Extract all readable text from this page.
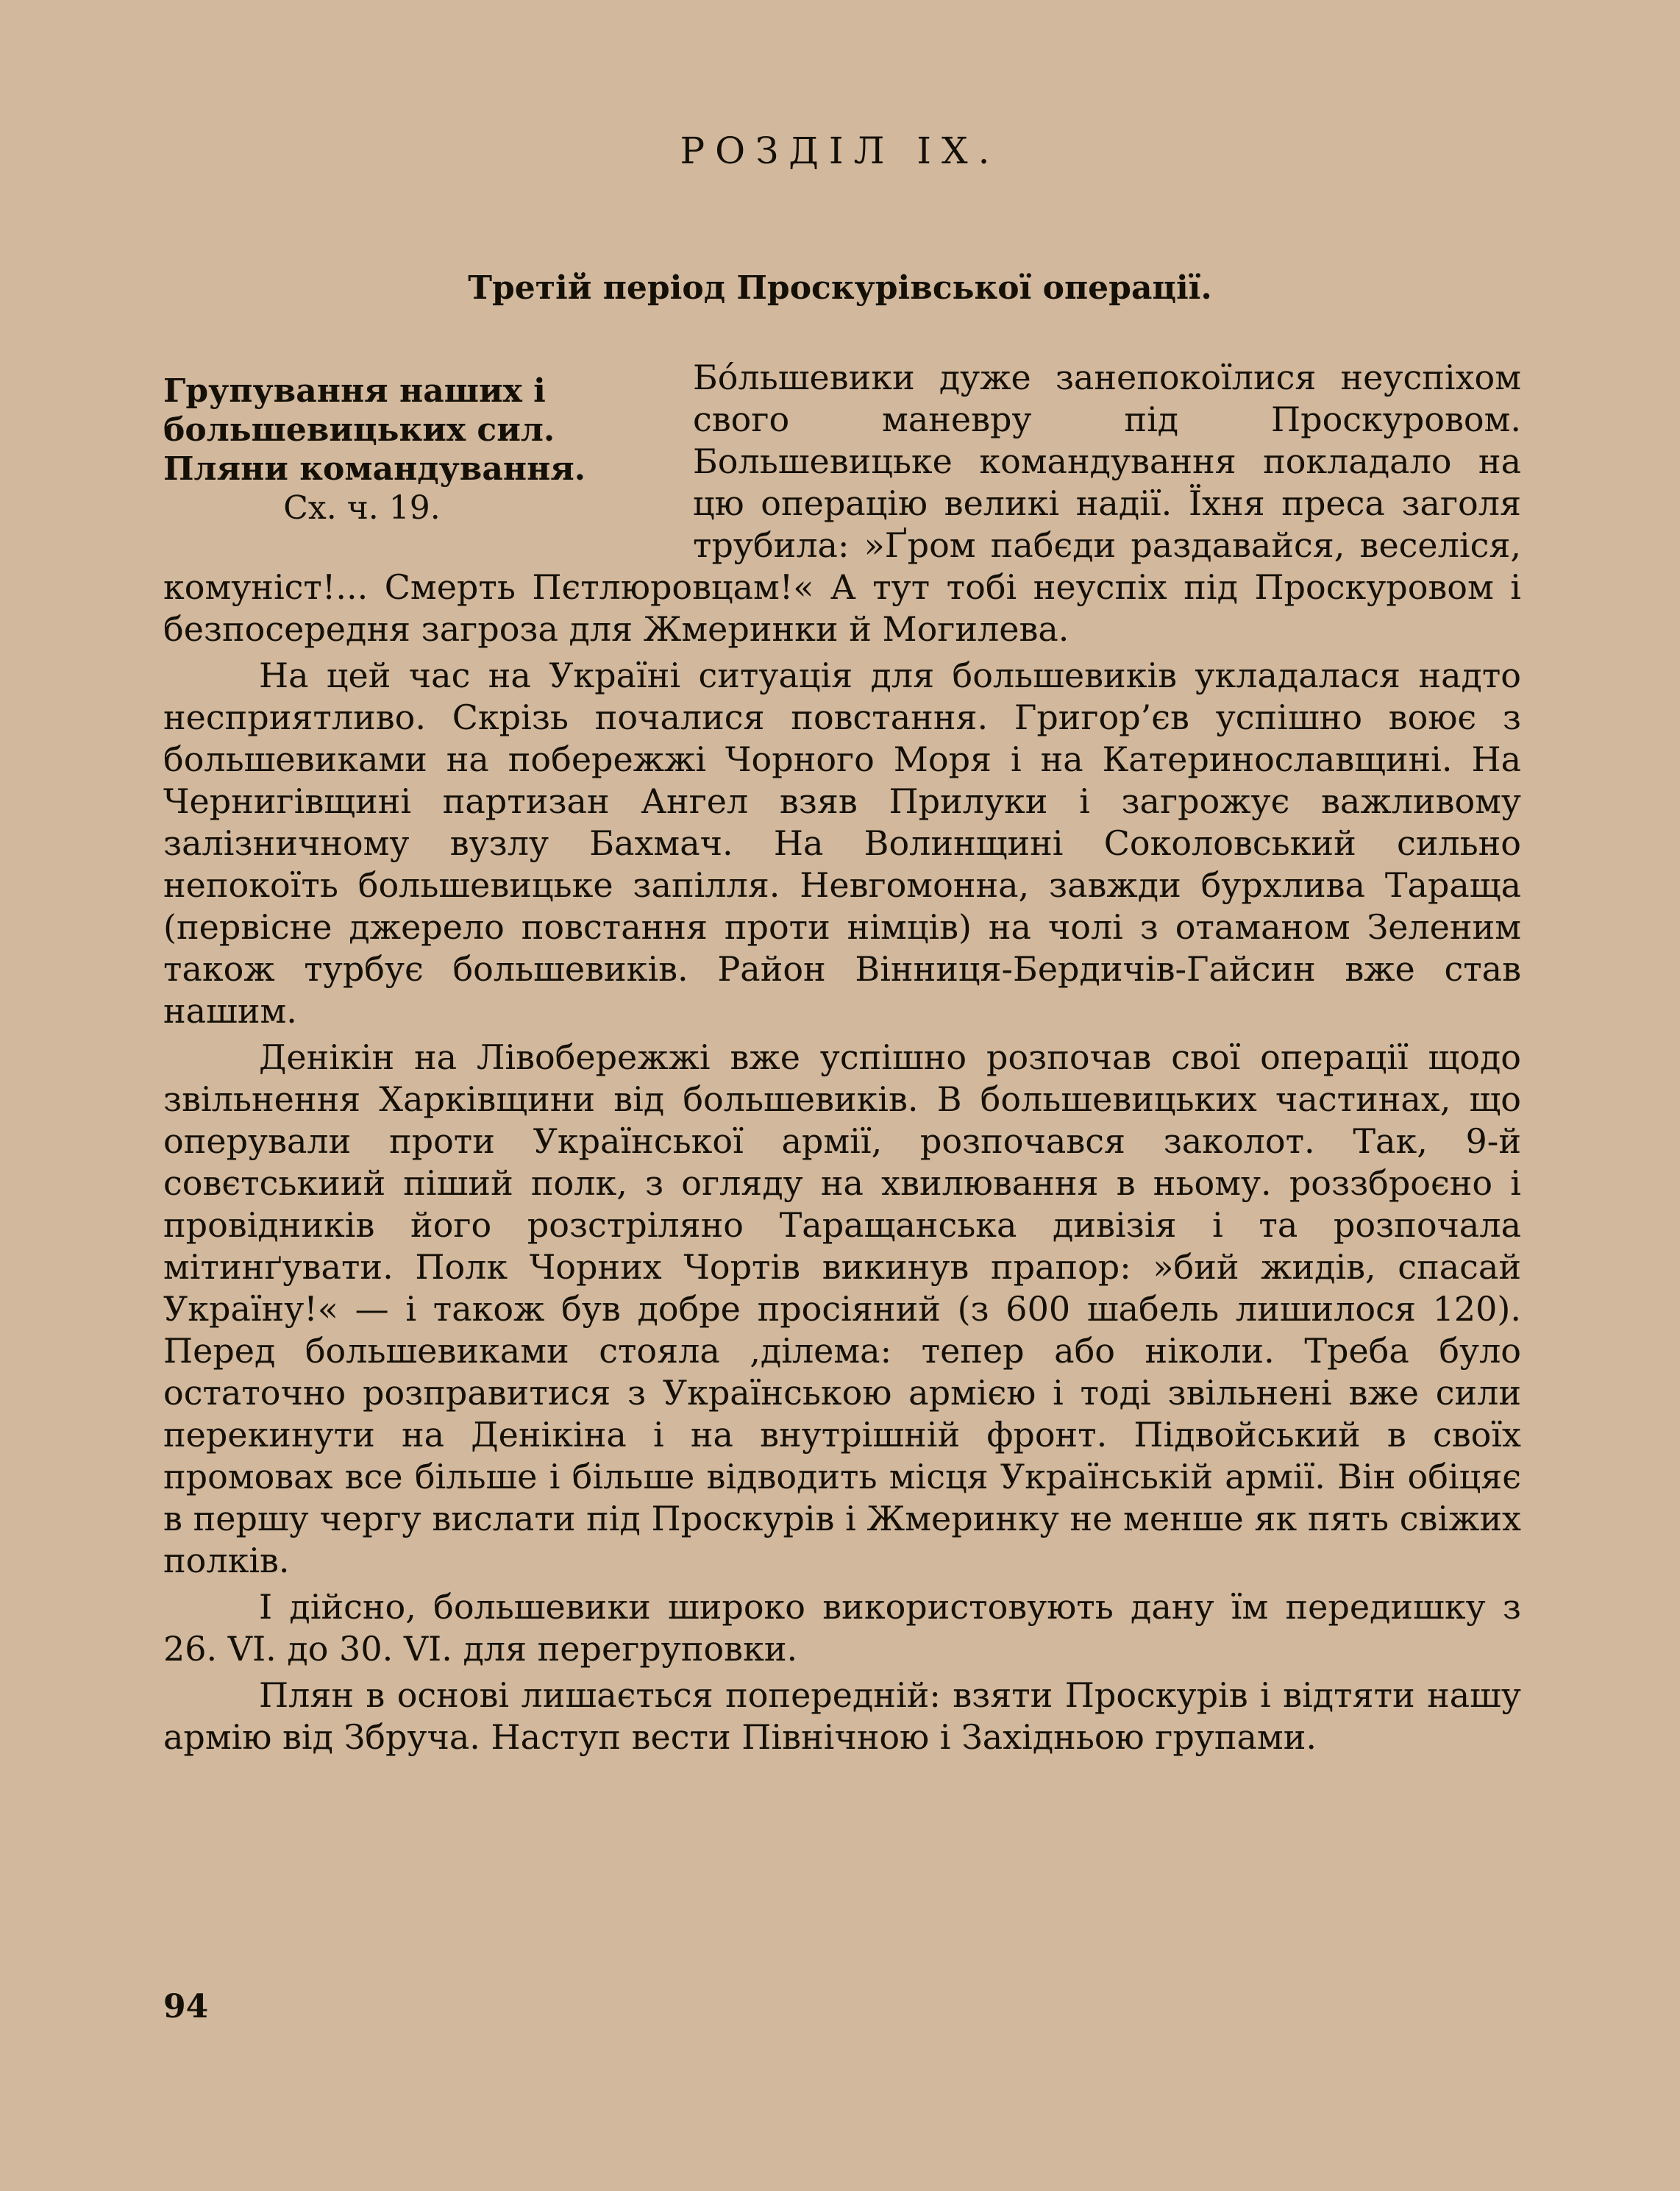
РОЗДІЛ IX.
Третій період Проскурівської операції.
Групування наших і
большевицьких сил.
Пляни командування.
Сх. ч. 19.

Бо́льшевики дуже занепокоїлися неуспіхом свого маневру під Проскуровом. Большевицьке командування покладало на цю операцію великі надії. Їхня преса заголя трубила: »Ґром пабєди раздавайся, веселіся, комуніст!... Смерть Пєтлюровцам!« А тут тобі неуспіх під Проскуровом і безпосередня загроза для Жмеринки й Могилева.

На цей час на Україні ситуація для большевиків укладалася надто несприятливо. Скрізь почалися повстання. Григор’єв успішно воює з большевиками на побережжі Чорного Моря і на Катеринославщині. На Чернигівщині партизан Ангел взяв Прилуки і загрожує важливому залізничному вузлу Бахмач. На Волинщині Соколовський сильно непокоїть большевицьке запілля. Невгомонна, завжди бурхлива Таращa (первісне джерело повстання проти німців) на чолі з отаманом Зеленим також турбує большевиків. Район Вінниця-Бердичів-Гайсин вже став нашим.

Денікін на Лівобережжі вже успішно розпочав свої операції щодо звільнення Харківщини від большевиків. В большевицьких частинах, що оперували проти Української армії, розпочався заколот. Так, 9-й совєтськиий піший полк, з огляду на хвилювання в ньому. роззброєно і провідників його розстріляно Таращанська дивізія і та розпочала мітинґувати. Полк Чорних Чортів викинув прапор: »бий жидів, спасай Україну!« — і також був добре просіяний (з 600 шабель лишилося 120). Перед большевиками стояла ,ділема: тепер або ніколи. Треба було остаточно розправитися з Українською армією і тоді звільнені вже сили перекинути на Денікіна і на внутрішній фронт. Підвойський в своїх промовах все більше і більше відводить місця Українській армії. Він обіцяє в першу чергу вислати під Проскурів і Жмеринку не менше як пять свіжих полків.

І дійсно, большевики широко використовують дану їм передишку з 26. VI. до 30. VI. для перегруповки.

Плян в основі лишається попередній: взяти Проскурів і відтяти нашу армію від Збруча. Наступ вести Північною і Західньою групами.

94
